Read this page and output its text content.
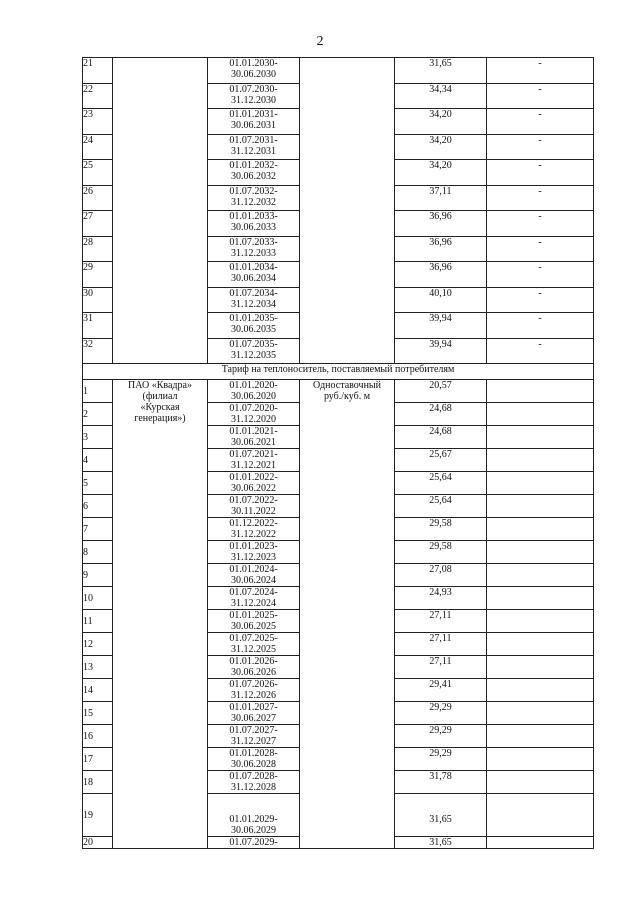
2
21		01.01.2030-
30.06.2030		31,65	-
22		01.07.2030-
31.12.2030		34,34	-
23		01.01.2031-
30.06.2031		34,20	-
24		01.07.2031-
31.12.2031		34,20	-
25		01.01.2032-
30.06.2032		34,20	-
26		01.07.2032-
31.12.2032		37,11	-
27		01.01.2033-
30.06.2033		36,96	-
28		01.07.2033-
31.12.2033		36,96	-
29		01.01.2034-
30.06.2034		36,96	-
30		01.07.2034-
31.12.2034		40,10	-
31		01.01.2035-
30.06.2035		39,94	-
32		01.07.2035-
31.12.2035		39,94	-
Тариф на теплоноситель, поставляемый потребителям					
1	ПАО «Квадра»
(филиал
«Курская
генерация»)	01.01.2020-
30.06.2020	Одноставочный
руб./куб. м	20,57	
2		01.07.2020-
31.12.2020		24,68	
3		01.01.2021-
30.06.2021		24,68	
4		01.07.2021-
31.12.2021		25,67	
5		01.01.2022-
30.06.2022		25,64	
6		01.07.2022-
30.11.2022		25,64	
7		01.12.2022-
31.12.2022		29,58	
8		01.01.2023-
31.12.2023		29,58	
9		01.01.2024-
30.06.2024		27,08	
10		01.07.2024-
31.12.2024		24,93	
11		01.01.2025-
30.06.2025		27,11	
12		01.07.2025-
31.12.2025		27,11	
13		01.01.2026-
30.06.2026		27,11	
14		01.07.2026-
31.12.2026		29,41	
15		01.01.2027-
30.06.2027		29,29	
16		01.07.2027-
31.12.2027		29,29	
17		01.01.2028-
30.06.2028		29,29	
18		01.07.2028-
31.12.2028		31,78	
19		01.01.2029-
30.06.2029		31,65	
20		01.07.2029-		31,65	
